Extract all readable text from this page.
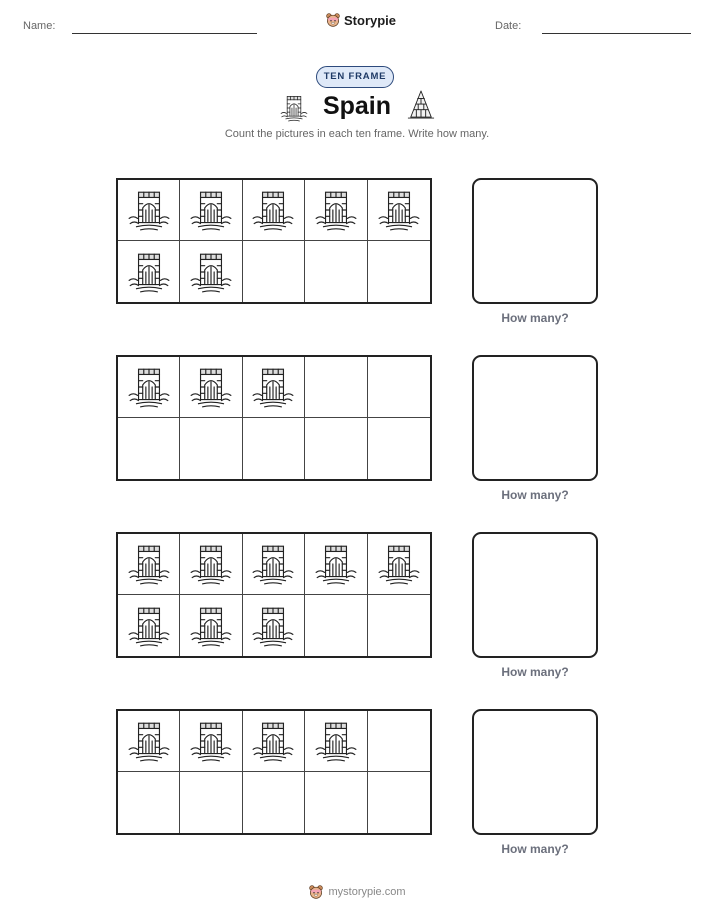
Name:	Storypie	Date:
TEN FRAME
Spain
Count the pictures in each ten frame. Write how many.
How many?
How many?
How many?
How many?
mystorypie.com
